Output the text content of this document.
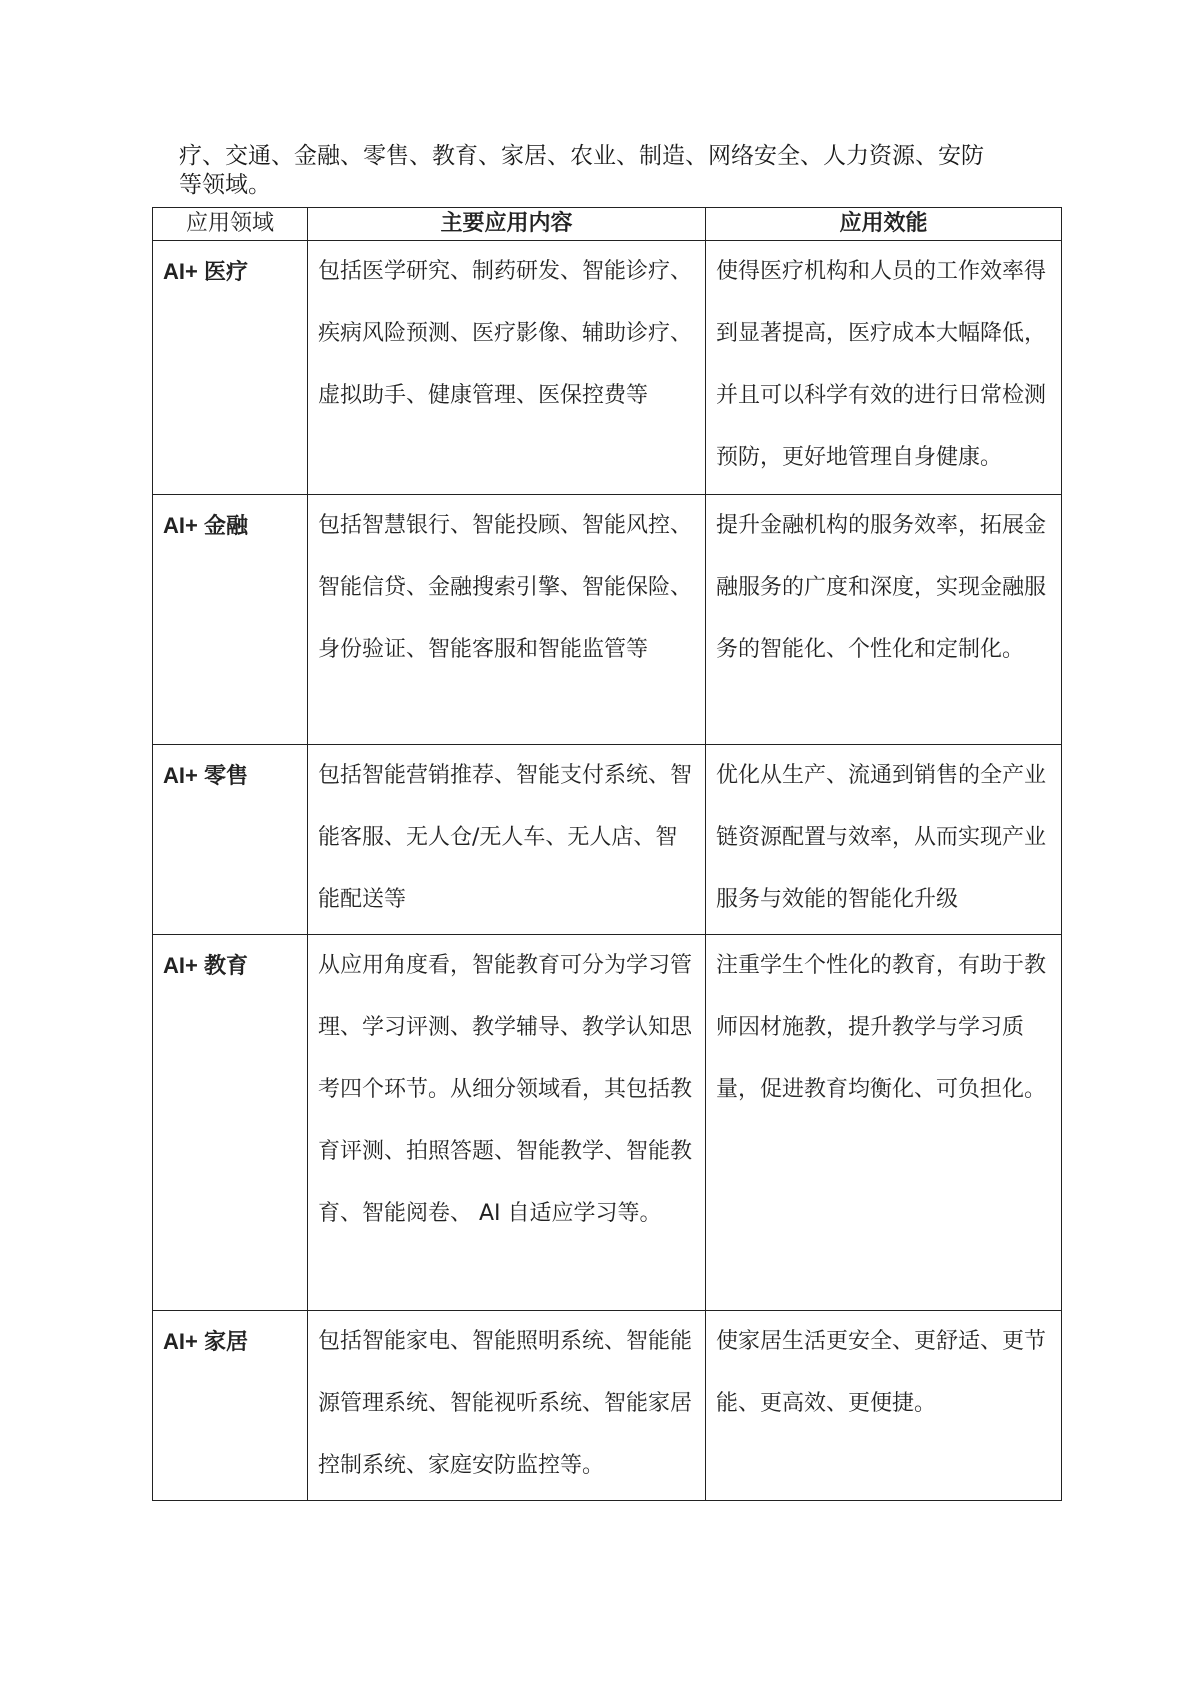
疗、交通、金融、零售、教育、家居、农业、制造、网络安全、人力资源、安防

等领域。

应用领域	主要应用内容	应用效能
AI+ 医疗	包括医学研究、制药研发、智能诊疗、疾病风险预测、医疗影像、辅助诊疗、虚拟助手、健康管理、医保控费等	使得医疗机构和人员的工作效率得到显著提高，医疗成本大幅降低，并且可以科学有效的进行日常检测预防，更好地管理自身健康。
AI+ 金融	包括智慧银行、智能投顾、智能风控、智能信贷、金融搜索引擎、智能保险、身份验证、智能客服和智能监管等	提升金融机构的服务效率，拓展金融服务的广度和深度，实现金融服务的智能化、个性化和定制化。
AI+ 零售	包括智能营销推荐、智能支付系统、智能客服、无人仓/无人车、无人店、智能配送等	优化从生产、流通到销售的全产业链资源配置与效率，从而实现产业服务与效能的智能化升级
AI+ 教育	从应用角度看，智能教育可分为学习管理、学习评测、教学辅导、教学认知思考四个环节。从细分领域看，其包括教育评测、拍照答题、智能教学、智能教育、智能阅卷、 AI 自适应学习等。	注重学生个性化的教育，有助于教师因材施教，提升教学与学习质量，促进教育均衡化、可负担化。
AI+ 家居	包括智能家电、智能照明系统、智能能源管理系统、智能视听系统、智能家居控制系统、家庭安防监控等。	使家居生活更安全、更舒适、更节能、更高效、更便捷。
